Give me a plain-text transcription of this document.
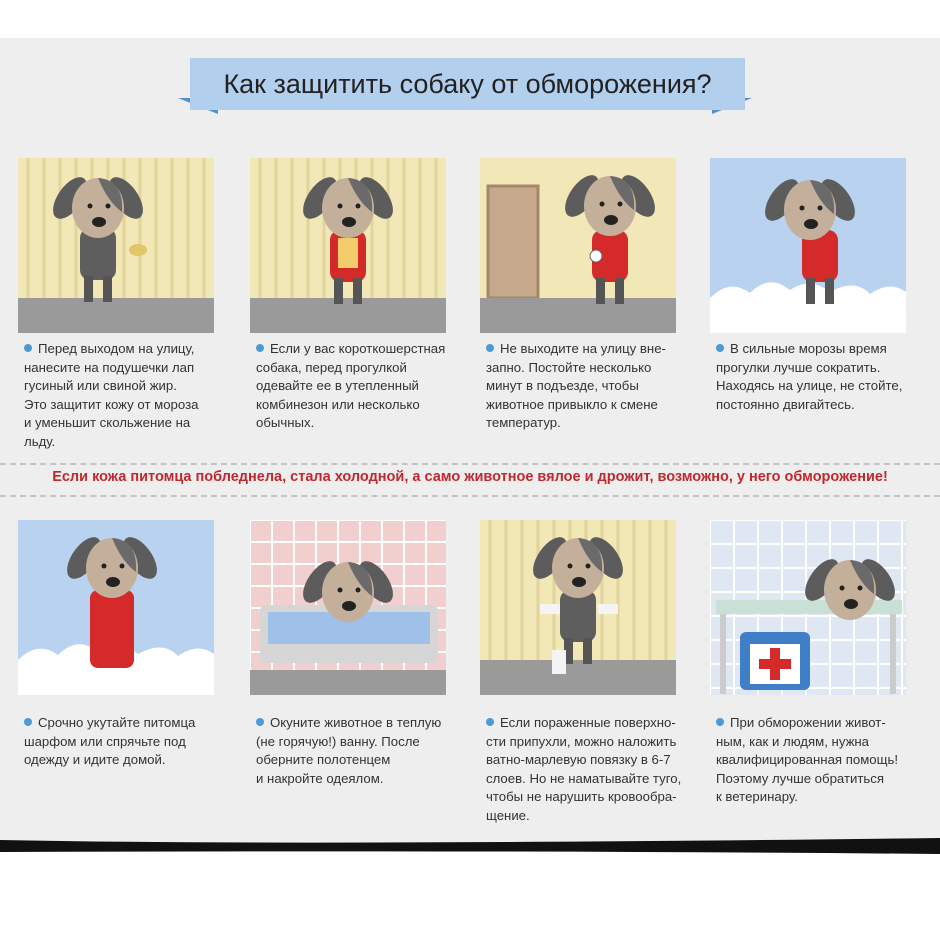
Как защитить собаку от обморожения?
Перед выходом на улицу,
нанесите на подушечки лап
гусиный или свиной жир.
Это защитит кожу от мороза
и уменьшит скольжение на
льду.
Если у вас короткошерстная
собака, перед прогулкой
одевайте ее в утепленный
комбинезон или несколько
обычных.
Не выходите на улицу вне-
запно. Постойте несколько
минут в подъезде, чтобы
животное привыкло к смене
температур.
В сильные морозы время
прогулки лучше сократить.
Находясь на улице, не стойте,
постоянно двигайтесь.
Срочно укутайте питомца
шарфом или спрячьте под
одежду и идите домой.
Окуните животное в теплую
(не горячую!) ванну. После
оберните полотенцем
и накройте одеялом.
Если пораженные поверхно-
сти припухли, можно наложить
ватно-марлевую повязку в 6-7
слоев. Но не наматывайте туго,
чтобы не нарушить кровообра-
щение.
При обморожении живот-
ным, как и людям, нужна
квалифицированная помощь!
Поэтому лучше обратиться
к ветеринару.
Если кожа питомца побледнела, стала холодной, а само животное вялое и дрожит, возможно, у него обморожение!
